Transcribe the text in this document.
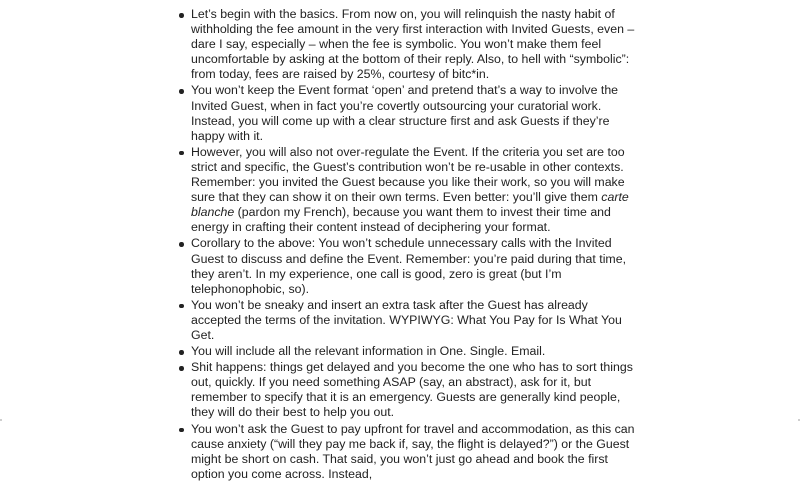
Let’s begin with the basics. From now on, you will relinquish the nasty habit of withholding the fee amount in the very first interaction with Invited Guests, even – dare I say, especially – when the fee is symbolic. You won’t make them feel uncomfortable by asking at the bottom of their reply. Also, to hell with “symbolic”: from today, fees are raised by 25%, courtesy of bitc*in.
You won’t keep the Event format ‘open’ and pretend that’s a way to involve the Invited Guest, when in fact you’re covertly outsourcing your curatorial work. Instead, you will come up with a clear structure first and ask Guests if they’re happy with it.
However, you will also not over-regulate the Event. If the criteria you set are too strict and specific, the Guest’s contribution won’t be re-usable in other contexts. Remember: you invited the Guest because you like their work, so you will make sure that they can show it on their own terms. Even better: you’ll give them carte blanche (pardon my French), because you want them to invest their time and energy in crafting their content instead of deciphering your format.
Corollary to the above: You won’t schedule unnecessary calls with the Invited Guest to discuss and define the Event. Remember: you’re paid during that time, they aren’t. In my experience, one call is good, zero is great (but I’m telephonophobic, so).
You won’t be sneaky and insert an extra task after the Guest has already accepted the terms of the invitation. WYPIWYG: What You Pay for Is What You Get.
You will include all the relevant information in One. Single. Email.
Shit happens: things get delayed and you become the one who has to sort things out, quickly. If you need something ASAP (say, an abstract), ask for it, but remember to specify that it is an emergency. Guests are generally kind people, they will do their best to help you out.
You won’t ask the Guest to pay upfront for travel and accommodation, as this can cause anxiety (“will they pay me back if, say, the flight is delayed?”) or the Guest might be short on cash. That said, you won’t just go ahead and book the first option you come across. Instead,
